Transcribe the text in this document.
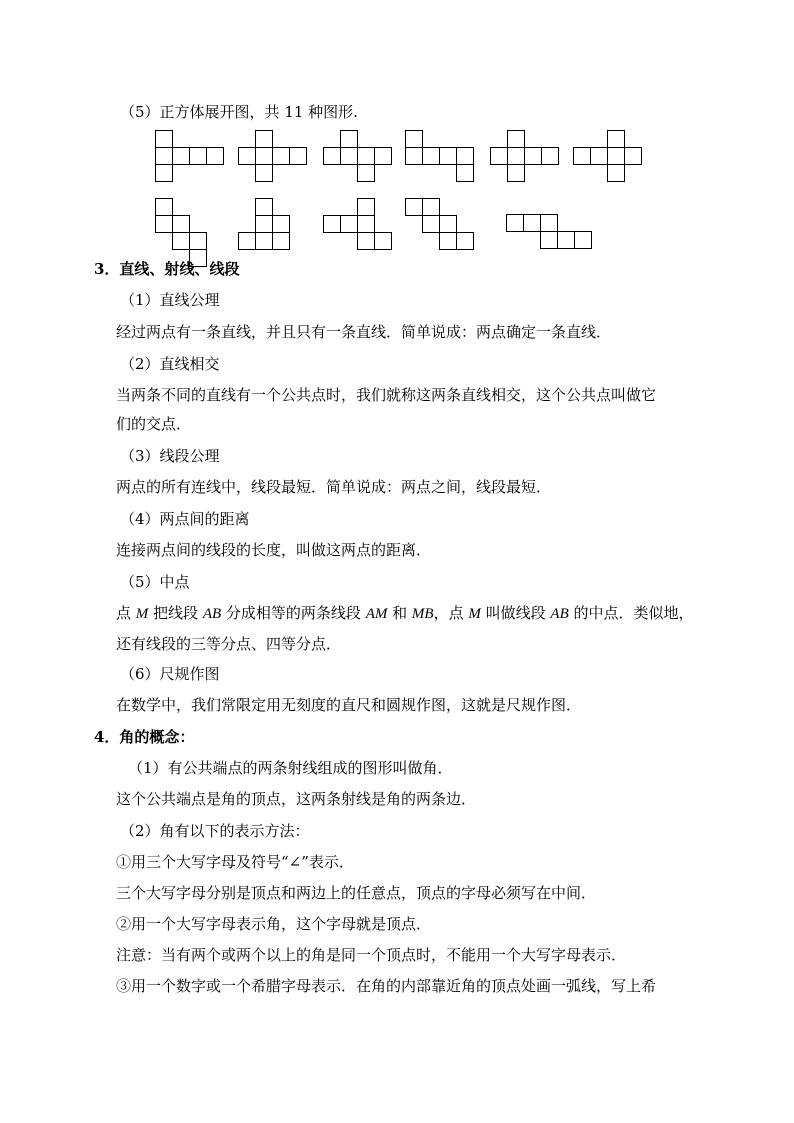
（5）正方体展开图，共 11 种图形.
3．直线、射线、线段
（1）直线公理
经过两点有一条直线，并且只有一条直线．简单说成：两点确定一条直线．
（2）直线相交
当两条不同的直线有一个公共点时，我们就称这两条直线相交，这个公共点叫做它
们的交点．
（3）线段公理
两点的所有连线中，线段最短．简单说成：两点之间，线段最短．
（4）两点间的距离
连接两点间的线段的长度，叫做这两点的距离．
（5）中点
点 M 把线段 AB 分成相等的两条线段 AM 和 MB，点 M 叫做线段 AB 的中点．类似地，
还有线段的三等分点、四等分点．
（6）尺规作图
在数学中，我们常限定用无刻度的直尺和圆规作图，这就是尺规作图．
4．角的概念：
（1）有公共端点的两条射线组成的图形叫做角．
这个公共端点是角的顶点，这两条射线是角的两条边．
（2）角有以下的表示方法：
①用三个大写字母及符号“∠”表示．
三个大写字母分别是顶点和两边上的任意点，顶点的字母必须写在中间．
②用一个大写字母表示角，这个字母就是顶点．
注意：当有两个或两个以上的角是同一个顶点时，不能用一个大写字母表示．
③用一个数字或一个希腊字母表示．在角的内部靠近角的顶点处画一弧线，写上希
